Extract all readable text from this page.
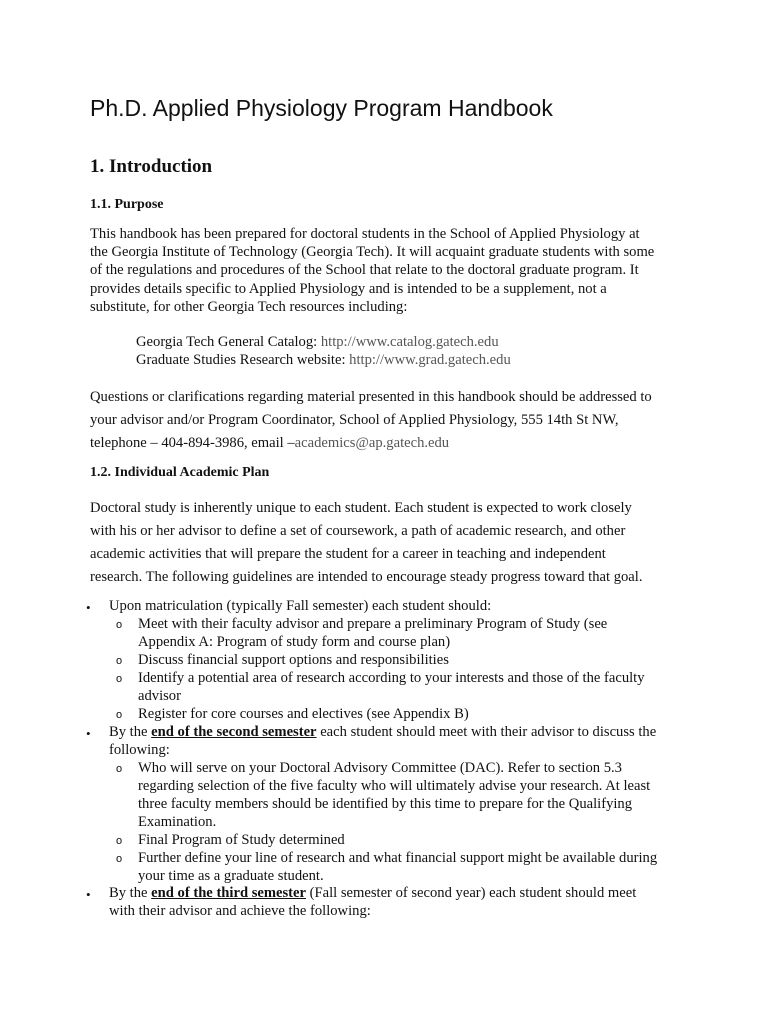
Ph.D. Applied Physiology Program Handbook
1. Introduction
1.1. Purpose

This handbook has been prepared for doctoral students in the School of Applied Physiology at
the Georgia Institute of Technology (Georgia Tech). It will acquaint graduate students with some
of the regulations and procedures of the School that relate to the doctoral graduate program. It
provides details specific to Applied Physiology and is intended to be a supplement, not a
substitute, for other Georgia Tech resources including:

Georgia Tech General Catalog: http://www.catalog.gatech.edu
Graduate Studies Research website: http://www.grad.gatech.edu

Questions or clarifications regarding material presented in this handbook should be addressed to
your advisor and/or Program Coordinator, School of Applied Physiology, 555 14th St NW,
telephone – 404-894-3986, email –academics@ap.gatech.edu

1.2. Individual Academic Plan

Doctoral study is inherently unique to each student. Each student is expected to work closely
with his or her advisor to define a set of coursework, a path of academic research, and other
academic activities that will prepare the student for a career in teaching and independent
research. The following guidelines are intended to encourage steady progress toward that goal.

• Upon matriculation (typically Fall semester) each student should:
o Meet with their faculty advisor and prepare a preliminary Program of Study (see
Appendix A: Program of study form and course plan)
o Discuss financial support options and responsibilities
o Identify a potential area of research according to your interests and those of the faculty
advisor
o Register for core courses and electives (see Appendix B)
• By the end of the second semester each student should meet with their advisor to discuss the
following:
o Who will serve on your Doctoral Advisory Committee (DAC). Refer to section 5.3
regarding selection of the five faculty who will ultimately advise your research. At least
three faculty members should be identified by this time to prepare for the Qualifying
Examination.
o Final Program of Study determined
o Further define your line of research and what financial support might be available during
your time as a graduate student.
• By the end of the third semester (Fall semester of second year) each student should meet
with their advisor and achieve the following:
